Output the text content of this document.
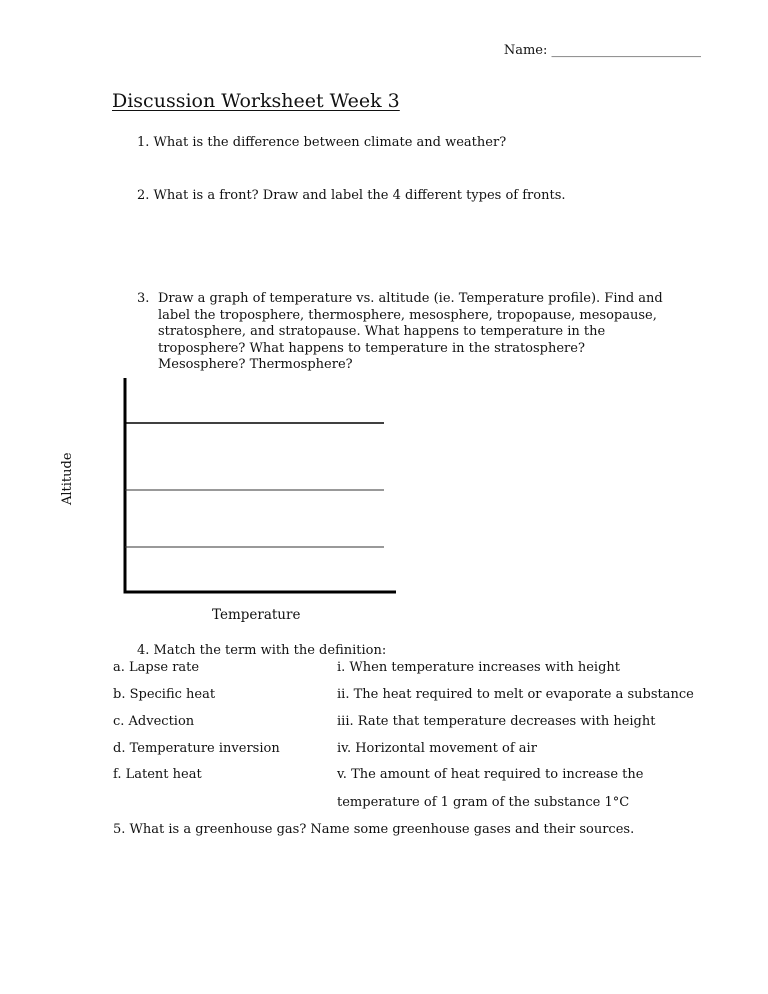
Name: _______________________
Discussion Worksheet Week 3
1. What is the difference between climate and weather?
2. What is a front? Draw and label the 4 different types of fronts.
3. Draw a graph of temperature vs. altitude (ie. Temperature profile). Find and label the troposphere, thermosphere, mesosphere, tropopause, mesopause, stratosphere, and stratopause. What happens to temperature in the troposphere? What happens to temperature in the stratosphere? Mesosphere? Thermosphere?
Altitude
Temperature
4. Match the term with the definition:
a. Lapse rate
b. Specific heat
c. Advection
d. Temperature inversion
f. Latent heat
i. When temperature increases with height
ii. The heat required to melt or evaporate a substance
iii. Rate that temperature decreases with height
iv. Horizontal movement of air
v. The amount of heat required to increase the
temperature of 1 gram of the substance 1°C
5. What is a greenhouse gas? Name some greenhouse gases and their sources.
